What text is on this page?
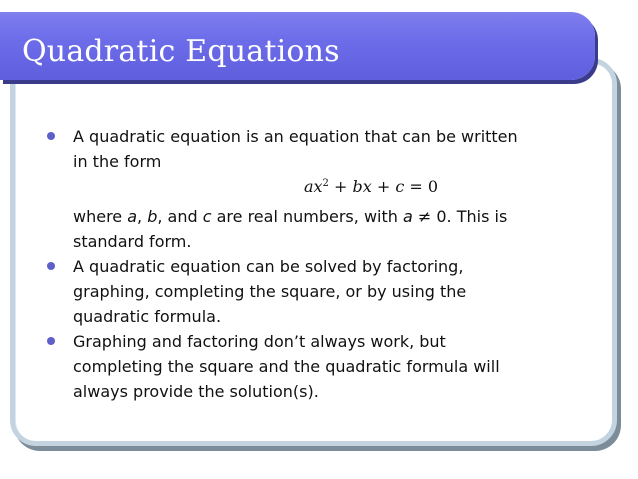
Quadratic Equations

A quadratic equation is an equation that can be written

in the form

$ax^2$ + bx + c = 0

where a, b, and c are real numbers, with a ≠ 0. This is

standard form.

A quadratic equation can be solved by factoring,

graphing, completing the square, or by using the

quadratic formula.

Graphing and factoring don’t always work, but

completing the square and the quadratic formula will

always provide the solution(s).
